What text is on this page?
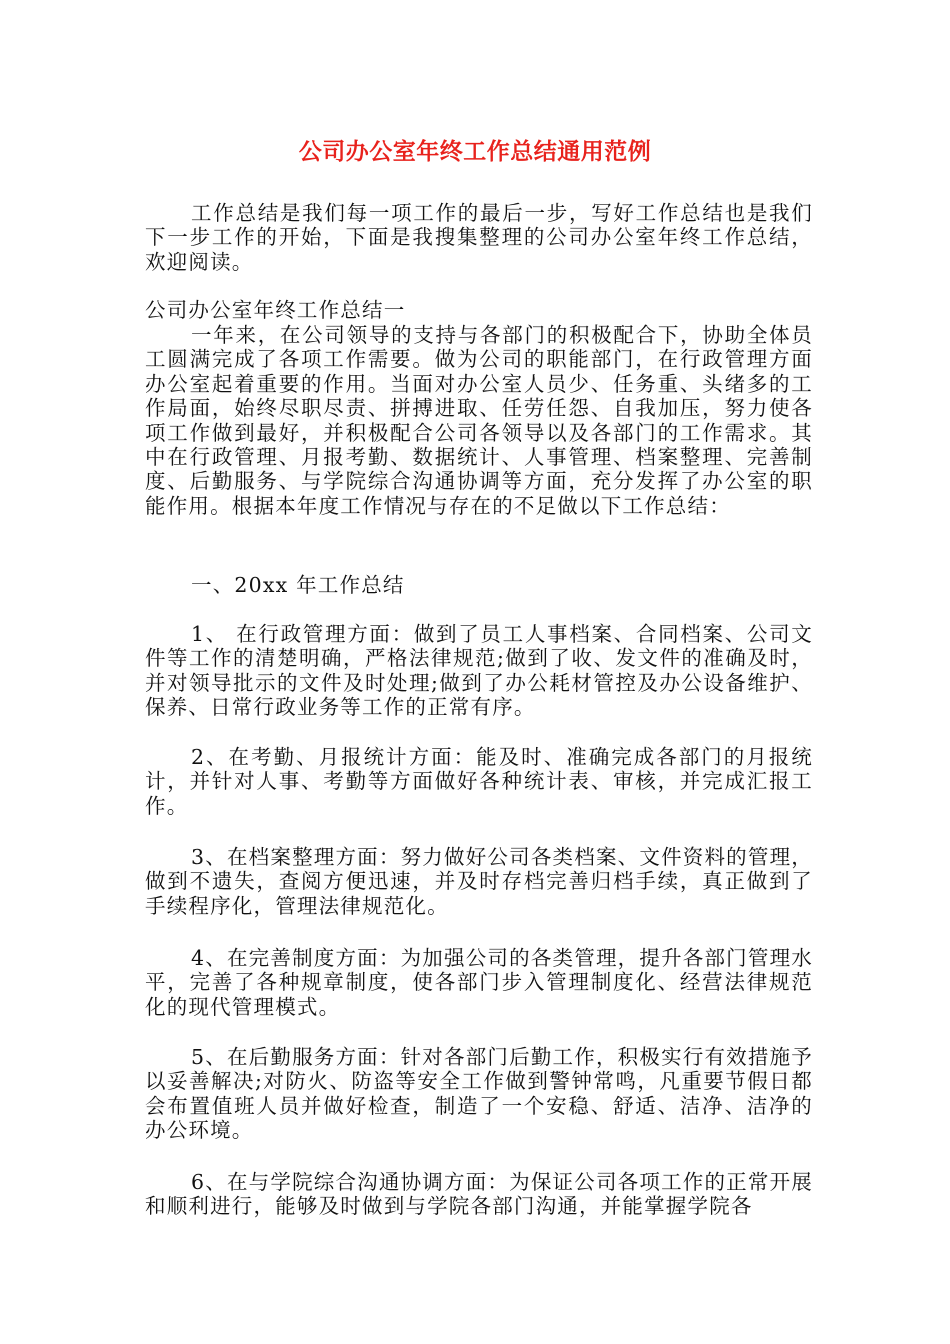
公司办公室年终工作总结通用范例

工作总结是我们每一项工作的最后一步，写好工作总结也是我们下一步工作的开始，下面是我搜集整理的公司办公室年终工作总结，欢迎阅读。

公司办公室年终工作总结一

一年来，在公司领导的支持与各部门的积极配合下，协助全体员工圆满完成了各项工作需要。做为公司的职能部门，在行政管理方面办公室起着重要的作用。当面对办公室人员少、任务重、头绪多的工作局面，始终尽职尽责、拼搏进取、任劳任怨、自我加压，努力使各项工作做到最好，并积极配合公司各领导以及各部门的工作需求。其中在行政管理、月报考勤、数据统计、人事管理、档案整理、完善制度、后勤服务、与学院综合沟通协调等方面，充分发挥了办公室的职能作用。根据本年度工作情况与存在的不足做以下工作总结：

一、20xx 年工作总结

1、 在行政管理方面：做到了员工人事档案、合同档案、公司文件等工作的清楚明确，严格法律规范;做到了收、发文件的准确及时，并对领导批示的文件及时处理;做到了办公耗材管控及办公设备维护、保养、日常行政业务等工作的正常有序。

2、在考勤、月报统计方面：能及时、准确完成各部门的月报统计，并针对人事、考勤等方面做好各种统计表、审核，并完成汇报工作。

3、在档案整理方面：努力做好公司各类档案、文件资料的管理，做到不遗失，查阅方便迅速，并及时存档完善归档手续，真正做到了手续程序化，管理法律规范化。

4、在完善制度方面：为加强公司的各类管理，提升各部门管理水平，完善了各种规章制度，使各部门步入管理制度化、经营法律规范化的现代管理模式。

5、在后勤服务方面：针对各部门后勤工作，积极实行有效措施予以妥善解决;对防火、防盗等安全工作做到警钟常鸣，凡重要节假日都会布置值班人员并做好检查，制造了一个安稳、舒适、洁净、洁净的办公环境。

6、在与学院综合沟通协调方面：为保证公司各项工作的正常开展和顺利进行，能够及时做到与学院各部门沟通，并能掌握学院各
